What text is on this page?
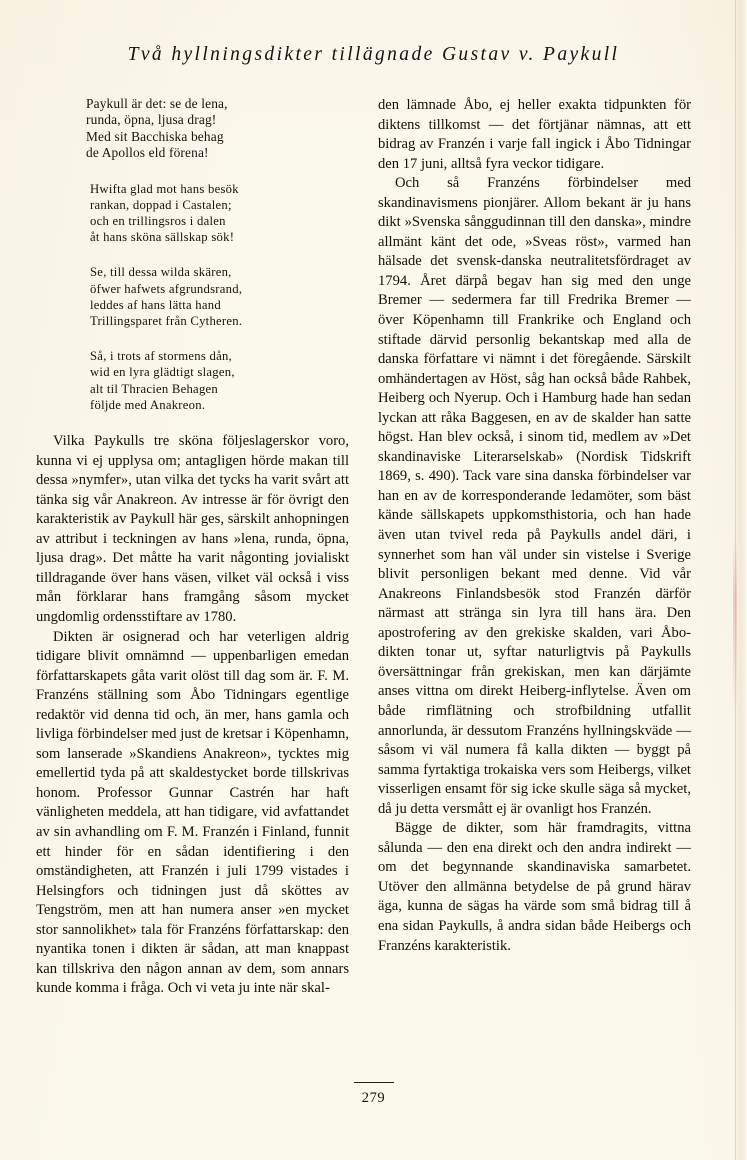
Två hyllningsdikter tillägnade Gustav v. Paykull
Paykull är det: se de lena,
runda, öpna, ljusa drag!
Med sit Bacchiska behag
de Apollos eld förena!
Hwifta glad mot hans besök
rankan, doppad i Castalen;
och en trillingsros i dalen
åt hans sköna sällskap sök!
Se, till dessa wilda skären,
öfwer hafwets afgrundsrand,
leddes af hans lätta hand
Trillingsparet från Cytheren.
Så, i trots af stormens dån,
wid en lyra glädtigt slagen,
alt til Thracien Behagen
följde med Anakreon.

Vilka Paykulls tre sköna följeslagerskor voro, kunna vi ej upplysa om; antagligen hörde makan till dessa »nymfer», utan vilka det tycks ha varit svårt att tänka sig vår Anakreon. Av intresse är för övrigt den karakteristik av Paykull här ges, särskilt anhopningen av attribut i teckningen av hans »lena, runda, öpna, ljusa drag». Det måtte ha varit någonting jovialiskt tilldragande över hans väsen, vilket väl också i viss mån förklarar hans framgång såsom mycket ungdomlig ordensstiftare av 1780.

Dikten är osignerad och har veterligen aldrig tidigare blivit omnämnd — uppenbarligen emedan författarskapets gåta varit olöst till dag som är. F. M. Franzéns ställning som Åbo Tidningars egentlige redaktör vid denna tid och, än mer, hans gamla och livliga förbindelser med just de kretsar i Köpenhamn, som lanserade »Skandiens Anakreon», tycktes mig emellertid tyda på att skaldestycket borde tillskrivas honom. Professor Gunnar Castrén har haft vänligheten meddela, att han tidigare, vid avfattandet av sin avhandling om F. M. Franzén i Finland, funnit ett hinder för en sådan identifiering i den omständigheten, att Franzén i juli 1799 vistades i Helsingfors och tidningen just då sköttes av Tengström, men att han numera anser »en mycket stor sannolikhet» tala för Franzéns författarskap: den nyantika tonen i dikten är sådan, att man knappast kan tillskriva den någon annan av dem, som annars kunde komma i fråga. Och vi veta ju inte när skal-

den lämnade Åbo, ej heller exakta tidpunkten för diktens tillkomst — det förtjänar nämnas, att ett bidrag av Franzén i varje fall ingick i Åbo Tidningar den 17 juni, alltså fyra veckor tidigare.

Och så Franzéns förbindelser med skandinavismens pionjärer. Allom bekant är ju hans dikt »Svenska sånggudinnan till den danska», mindre allmänt känt det ode, »Sveas röst», varmed han hälsade det svensk-danska neutralitetsfördraget av 1794. Året därpå begav han sig med den unge Bremer — sedermera far till Fredrika Bremer — över Köpenhamn till Frankrike och England och stiftade därvid personlig bekantskap med alla de danska författare vi nämnt i det föregående. Särskilt omhändertagen av Höst, såg han också både Rahbek, Heiberg och Nyerup. Och i Hamburg hade han sedan lyckan att råka Baggesen, en av de skalder han satte högst. Han blev också, i sinom tid, medlem av »Det skandinaviske Literarselskab» (Nordisk Tidskrift 1869, s. 490). Tack vare sina danska förbindelser var han en av de korresponderande ledamöter, som bäst kände sällskapets uppkomsthistoria, och han hade även utan tvivel reda på Paykulls andel däri, i synnerhet som han väl under sin vistelse i Sverige blivit personligen bekant med denne. Vid vår Anakreons Finlandsbesök stod Franzén därför närmast att stränga sin lyra till hans ära. Den apostrofering av den grekiske skalden, vari Åbo-dikten tonar ut, syftar naturligtvis på Paykulls översättningar från grekiskan, men kan därjämte anses vittna om direkt Heiberg-inflytelse. Även om både rimflätning och strofbildning utfallit annorlunda, är dessutom Franzéns hyllningskväde — såsom vi väl numera få kalla dikten — byggt på samma fyrtaktiga trokaiska vers som Heibergs, vilket visserligen ensamt för sig icke skulle säga så mycket, då ju detta versmått ej är ovanligt hos Franzén.

Bägge de dikter, som här framdragits, vittna sålunda — den ena direkt och den andra indirekt — om det begynnande skandinaviska samarbetet. Utöver den allmänna betydelse de på grund härav äga, kunna de sägas ha värde som små bidrag till å ena sidan Paykulls, å andra sidan både Heibergs och Franzéns karakteristik.

279
